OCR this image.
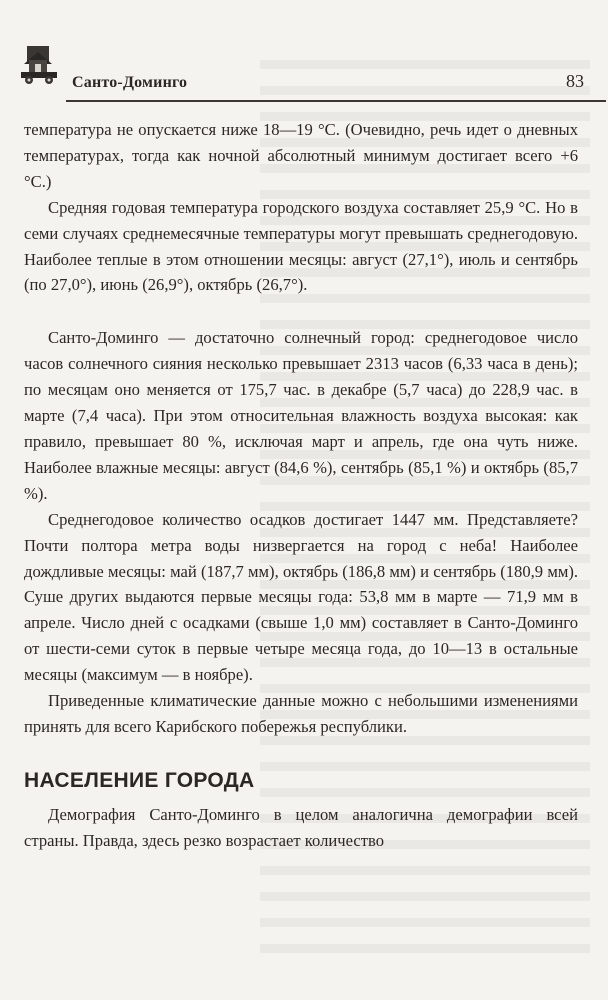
Санто-Доминго	83

температура не опускается ниже 18—19 °С. (Очевидно, речь идет о дневных температурах, тогда как ночной абсолютный минимум достигает всего +6 °С.)

Средняя годовая температура городского воздуха составляет 25,9 °С. Но в семи случаях среднемесячные температуры могут превышать среднегодовую. Наиболее теплые в этом отношении месяцы: август (27,1°), июль и сентябрь (по 27,0°), июнь (26,9°), октябрь (26,7°).

Санто-Доминго — достаточно солнечный город: среднегодовое число часов солнечного сияния несколько превышает 2313 часов (6,33 часа в день); по месяцам оно меняется от 175,7 час. в декабре (5,7 часа) до 228,9 час. в марте (7,4 часа). При этом относительная влажность воздуха высокая: как правило, превышает 80 %, исключая март и апрель, где она чуть ниже. Наиболее влажные месяцы: август (84,6 %), сентябрь (85,1 %) и октябрь (85,7 %).

Среднегодовое количество осадков достигает 1447 мм. Представляете? Почти полтора метра воды низвергается на город с неба! Наиболее дождливые месяцы: май (187,7 мм), октябрь (186,8 мм) и сентябрь (180,9 мм). Суше других выдаются первые месяцы года: 53,8 мм в марте — 71,9 мм в апреле. Число дней с осадками (свыше 1,0 мм) составляет в Санто-Доминго от шести-семи суток в первые четыре месяца года, до 10—13 в остальные месяцы (максимум — в ноябре).

Приведенные климатические данные можно с небольшими изменениями принять для всего Карибского побережья республики.

НАСЕЛЕНИЕ ГОРОДА

Демография Санто-Доминго в целом аналогична демографии всей страны. Правда, здесь резко возрастает количество
